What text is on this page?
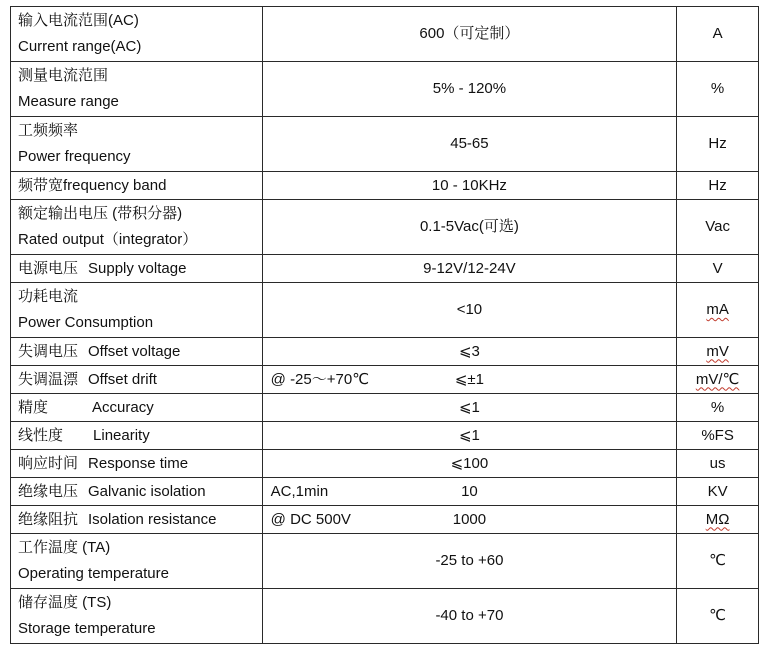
输入电流范围(AC)
Current range(AC)	600（可定制）	A

测量电流范围
Measure range	5% - 120%	%

工频频率
Power frequency	45-65	Hz
频带宽frequency band	10 - 10KHz	Hz

额定输出电压 (带积分器)
Rated output（integrator）	0.1-5Vac(可选)	Vac
电源电压 Supply voltage	9-12V/12-24V	V

功耗电流
Power Consumption	<10	mA
失调电压 Offset voltage	⩽3	mV
失调温漂 Offset drift	@ -25～+70℃ ⩽±1	mV/℃
精度 Accuracy	⩽1	%
线性度 Linearity	⩽1	%FS
响应时间 Response time	⩽100	us
绝缘电压 Galvanic isolation	AC,1min 10	KV
绝缘阻抗 Isolation resistance	@ DC 500V 1000	MΩ

工作温度 (TA)
Operating temperature	-25 to +60	℃

储存温度 (TS)
Storage temperature	-40 to +70	℃
